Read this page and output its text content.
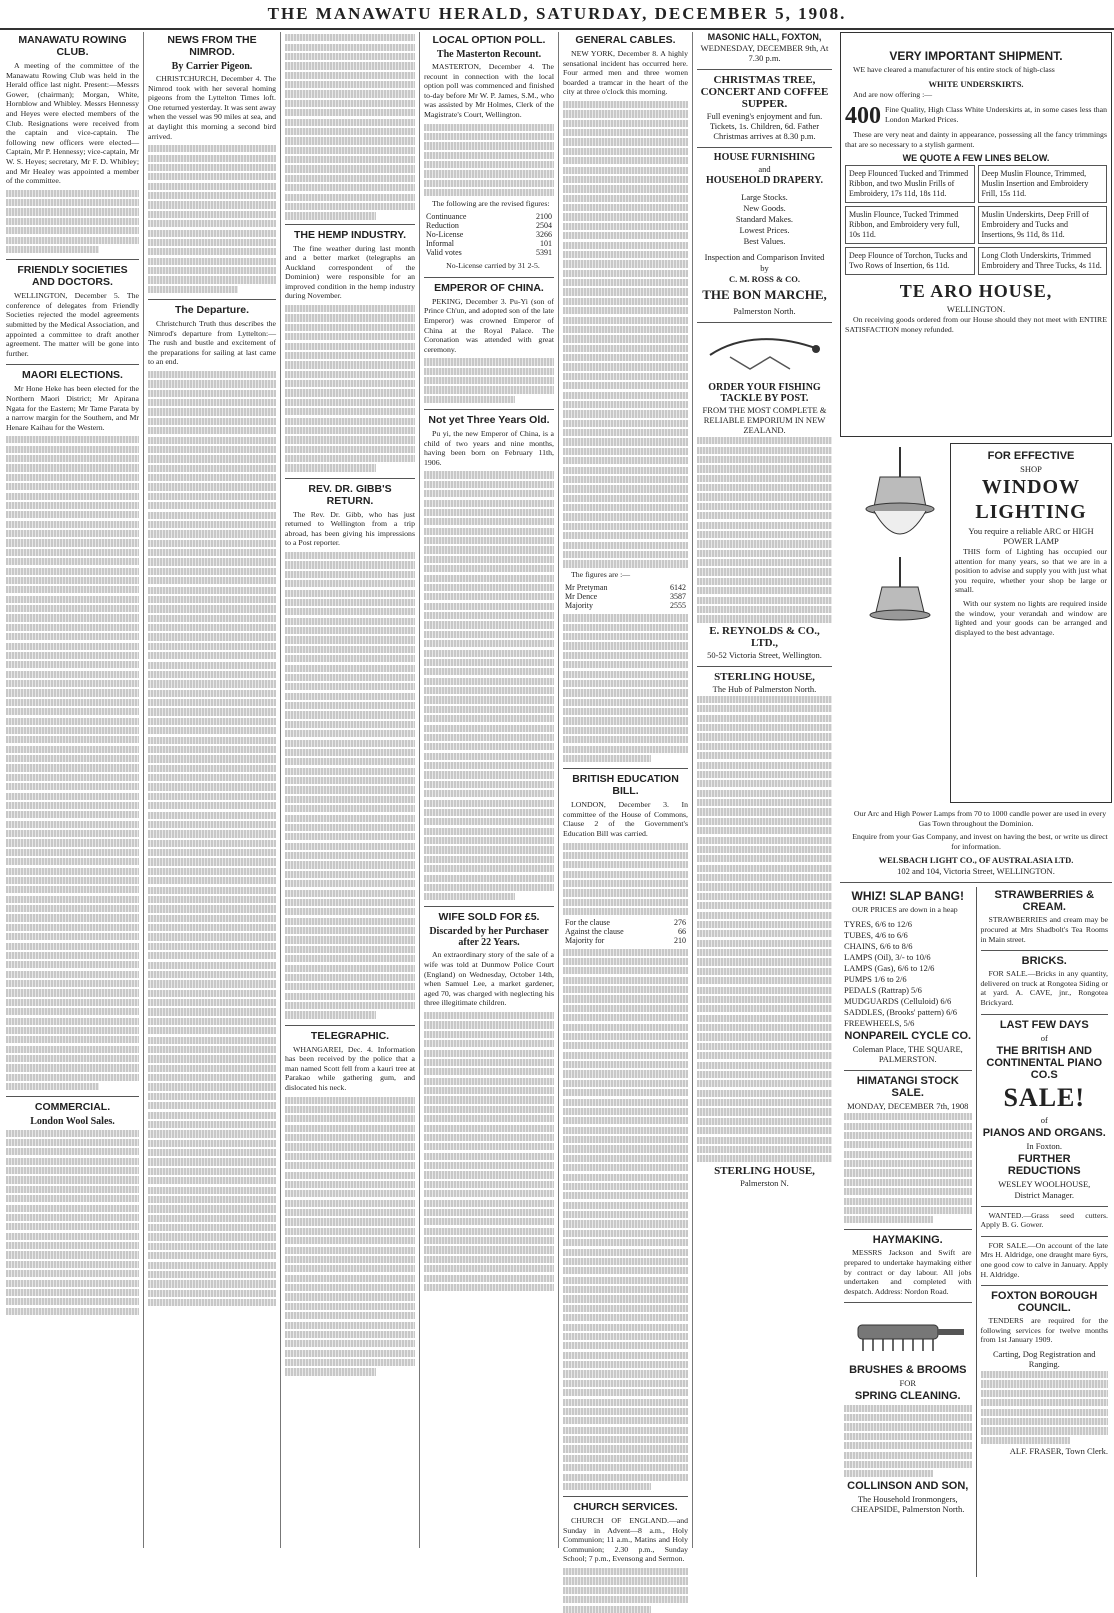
THE MANAWATU HERALD, SATURDAY, DECEMBER 5, 1908.
MANAWATU ROWING CLUB.

A meeting of the committee of the Manawatu Rowing Club was held in the Herald office last night. Present:—Messrs Gower, (chairman); Morgan, White, Hornblow and Whibley. Messrs Hennessy and Heyes were elected members of the Club. Resignations were received from the captain and vice-captain. The following new officers were elected—Captain, Mr P. Hennessy; vice-captain, Mr W. S. Heyes; secretary, Mr F. D. Whibley; and Mr Healey was appointed a member of the committee.

FRIENDLY SOCIETIES AND DOCTORS.

WELLINGTON, December 5. The conference of delegates from Friendly Societies rejected the model agreements submitted by the Medical Association, and appointed a committee to draft another agreement. The matter will be gone into further.

MAORI ELECTIONS.

Mr Hone Heke has been elected for the Northern Maori District; Mr Apirana Ngata for the Eastern; Mr Tame Parata by a narrow margin for the Southern, and Mr Henare Kaihau for the Western.

COMMERCIAL.
London Wool Sales.
NEWS FROM THE NIMROD.
By Carrier Pigeon.

CHRISTCHURCH, December 4. The Nimrod took with her several homing pigeons from the Lyttelton Times loft. One returned yesterday. It was sent away when the vessel was 90 miles at sea, and at daylight this morning a second bird arrived.

The Departure.

Christchurch Truth thus describes the Nimrod's departure from Lyttelton:—The rush and bustle and excitement of the preparations for sailing at last came to an end.

THE HEMP INDUSTRY.

The fine weather during last month and a better market (telegraphs an Auckland correspondent of the Dominion) were responsible for an improved condition in the hemp industry during November.

REV. DR. GIBB'S RETURN.

The Rev. Dr. Gibb, who has just returned to Wellington from a trip abroad, has been giving his impressions to a Post reporter.

TELEGRAPHIC.

WHANGAREI, Dec. 4. Information has been received by the police that a man named Scott fell from a kauri tree at Parakao while gathering gum, and dislocated his neck.

LOCAL OPTION POLL.
The Masterton Recount.

MASTERTON, December 4. The recount in connection with the local option poll was commenced and finished to-day before Mr W. P. James, S.M., who was assisted by Mr Holmes, Clerk of the Magistrate's Court, Wellington.

The following are the revised figures:

Continuance	2100
Reduction	2504
No-License	3266
Informal	101
Valid votes	5391

No-License carried by 31 2-5.

EMPEROR OF CHINA.

PEKING, December 3. Pu-Yi (son of Prince Ch'un, and adopted son of the late Emperor) was crowned Emperor of China at the Royal Palace. The Coronation was attended with great ceremony.

Not yet Three Years Old.

Pu yi, the new Emperor of China, is a child of two years and nine months, having been born on February 11th, 1906.

WIFE SOLD FOR £5.
Discarded by her Purchaser after 22 Years.

An extraordinary story of the sale of a wife was told at Dunmow Police Court (England) on Wednesday, October 14th, when Samuel Lee, a market gardener, aged 70, was charged with neglecting his three illegitimate children.

GENERAL CABLES.

NEW YORK, December 8. A highly sensational incident has occurred here. Four armed men and three women boarded a tramcar in the heart of the city at three o'clock this morning.

The figures are :—

Mr Pretyman	6142
Mr Dence	3587
Majority	2555
BRITISH EDUCATION BILL.

LONDON, December 3. In committee of the House of Commons, Clause 2 of the Government's Education Bill was carried.

For the clause	276
Against the clause	66
Majority for	210
CHURCH SERVICES.

CHURCH OF ENGLAND.—and Sunday in Advent—8 a.m., Holy Communion; 11 a.m., Matins and Holy Communion; 2.30 p.m., Sunday School; 7 p.m., Evensong and Sermon.

MASONIC HALL, FOXTON,
WEDNESDAY, DECEMBER 9th, At 7.30 p.m.
CHRISTMAS TREE, CONCERT AND COFFEE SUPPER.
Full evening's enjoyment and fun. Tickets, 1s. Children, 6d. Father Christmas arrives at 8.30 p.m.
HOUSE FURNISHING
and
HOUSEHOLD DRAPERY.
Large Stocks.
New Goods.
Standard Makes.
Lowest Prices.
Best Values.
Inspection and Comparison Invited
by
C. M. ROSS & CO.
THE BON MARCHE,
Palmerston North.
ORDER YOUR FISHING TACKLE BY POST.
FROM THE MOST COMPLETE & RELIABLE EMPORIUM IN NEW ZEALAND.
E. REYNOLDS & CO., LTD.,
50-52 Victoria Street, Wellington.
STERLING HOUSE,
The Hub of Palmerston North.
STERLING HOUSE,
Palmerston N.
VERY IMPORTANT SHIPMENT.

WE have cleared a manufacturer of his entire stock of high-class

WHITE UNDERSKIRTS.

And are now offering :—

400 Fine Quality, High Class White Underskirts at, in some cases less than London Marked Prices.

These are very neat and dainty in appearance, possessing all the fancy trimmings that are so necessary to a stylish garment.

WE QUOTE A FEW LINES BELOW.
Deep Flounced Tucked and Trimmed Ribbon, and two Muslin Frills of Embroidery, 17s 11d, 18s 11d.
Deep Muslin Flounce, Trimmed, Muslin Insertion and Embroidery Frill, 15s 11d.
Muslin Flounce, Tucked Trimmed Ribbon, and Embroidery very full, 10s 11d.
Muslin Underskirts, Deep Frill of Embroidery and Tucks and Insertions, 9s 11d, 8s 11d.
Deep Flounce of Torchon, Tucks and Two Rows of Insertion, 6s 11d.
Long Cloth Underskirts, Trimmed Embroidery and Three Tucks, 4s 11d.
TE ARO HOUSE,
WELLINGTON.

On receiving goods ordered from our House should they not meet with ENTIRE SATISFACTION money refunded.

FOR EFFECTIVE
SHOP
WINDOW
LIGHTING
You require a reliable ARC or HIGH POWER LAMP

THIS form of Lighting has occupied our attention for many years, so that we are in a position to advise and supply you with just what you require, whether your shop be large or small.

With our system no lights are required inside the window, your verandah and window are lighted and your goods can be arranged and displayed to the best advantage.

Our Arc and High Power Lamps from 70 to 1000 candle power are used in every Gas Town throughout the Dominion.

Enquire from your Gas Company, and invest on having the best, or write us direct for information.

WELSBACH LIGHT CO., OF AUSTRALASIA LTD.
102 and 104, Victoria Street, WELLINGTON.
WHIZ! SLAP BANG!

OUR PRICES are down in a heap

TYRES, 6/6 to 12/6
TUBES, 4/6 to 6/6
CHAINS, 6/6 to 8/6
LAMPS (Oil), 3/- to 10/6
LAMPS (Gas), 6/6 to 12/6
PUMPS 1/6 to 2/6
PEDALS (Rattrap) 5/6
MUDGUARDS (Celluloid) 6/6
SADDLES, (Brooks' pattern) 6/6
FREEWHEELS, 5/6
NONPAREIL CYCLE CO.
Coleman Place, THE SQUARE, PALMERSTON.
HIMATANGI STOCK SALE.
MONDAY, DECEMBER 7th, 1908
HAYMAKING.

MESSRS Jackson and Swift are prepared to undertake haymaking either by contract or day labour. All jobs undertaken and completed with despatch. Address: Nordon Road.

BRUSHES & BROOMS
FOR
SPRING CLEANING.
COLLINSON AND SON,
The Household Ironmongers, CHEAPSIDE, Palmerston North.
STRAWBERRIES & CREAM.

STRAWBERRIES and cream may be procured at Mrs Shadbolt's Tea Rooms in Main street.

BRICKS.

FOR SALE.—Bricks in any quantity, delivered on truck at Rongotea Siding or at yard. A. CAVE, jnr., Rongotea Brickyard.

LAST FEW DAYS
of
THE BRITISH AND CONTINENTAL PIANO CO.S
SALE!
of
PIANOS AND ORGANS.
In Foxton.
FURTHER REDUCTIONS
WESLEY WOOLHOUSE,
District Manager.

WANTED.—Grass seed cutters. Apply B. G. Gower.

FOR SALE.—On account of the late Mrs H. Aldridge, one draught mare 6yrs, one good cow to calve in January. Apply H. Aldridge.

FOXTON BOROUGH COUNCIL.

TENDERS are required for the following services for twelve months from 1st January 1909.

Carting, Dog Registration and Ranging.
ALF. FRASER, Town Clerk.
